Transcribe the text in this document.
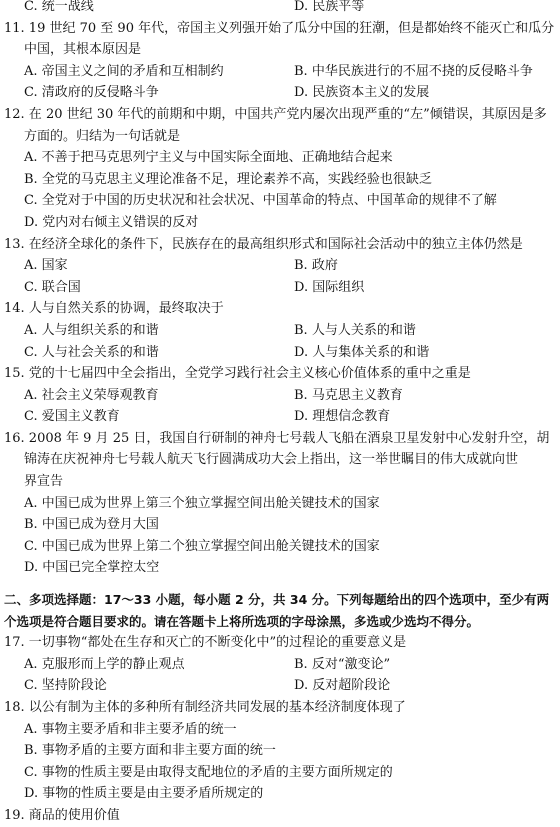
C. 统一战线	D. 民族平等
11. 19 世纪 70 至 90 年代，帝国主义列强开始了瓜分中国的狂潮，但是都始终不能灭亡和瓜分
中国，其根本原因是
A. 帝国主义之间的矛盾和互相制约	B. 中华民族进行的不屈不挠的反侵略斗争
C. 清政府的反侵略斗争	D. 民族资本主义的发展
12. 在 20 世纪 30 年代的前期和中期，中国共产党内屡次出现严重的“左”倾错误，其原因是多
方面的。归结为一句话就是
A. 不善于把马克思列宁主义与中国实际全面地、正确地结合起来
B. 全党的马克思主义理论准备不足，理论素养不高，实践经验也很缺乏
C. 全党对于中国的历史状况和社会状况、中国革命的特点、中国革命的规律不了解
D. 党内对右倾主义错误的反对
13. 在经济全球化的条件下，民族存在的最高组织形式和国际社会活动中的独立主体仍然是
A. 国家	B. 政府
C. 联合国	D. 国际组织
14. 人与自然关系的协调，最终取决于
A. 人与组织关系的和谐	B. 人与人关系的和谐
C. 人与社会关系的和谐	D. 人与集体关系的和谐
15. 党的十七届四中全会指出，全党学习践行社会主义核心价值体系的重中之重是
A. 社会主义荣辱观教育	B. 马克思主义教育
C. 爱国主义教育	D. 理想信念教育
16. 2008 年 9 月 25 日，我国自行研制的神舟七号载人飞船在酒泉卫星发射中心发射升空，胡
锦涛在庆祝神舟七号载人航天飞行圆满成功大会上指出，这一举世瞩目的伟大成就向世
界宣告
A. 中国已成为世界上第三个独立掌握空间出舱关键技术的国家
B. 中国已成为登月大国
C. 中国已成为世界上第二个独立掌握空间出舱关键技术的国家
D. 中国已完全掌控太空
二、多项选择题：17～33 小题，每小题 2 分，共 34 分。下列每题给出的四个选项中，至少有两
个选项是符合题目要求的。请在答题卡上将所选项的字母涂黑，多选或少选均不得分。
17. 一切事物“都处在生存和灭亡的不断变化中”的过程论的重要意义是
A. 克服形而上学的静止观点	B. 反对“激变论”
C. 坚持阶段论	D. 反对超阶段论
18. 以公有制为主体的多种所有制经济共同发展的基本经济制度体现了
A. 事物主要矛盾和非主要矛盾的统一
B. 事物矛盾的主要方面和非主要方面的统一
C. 事物的性质主要是由取得支配地位的矛盾的主要方面所规定的
D. 事物的性质主要是由主要矛盾所规定的
19. 商品的使用价值
